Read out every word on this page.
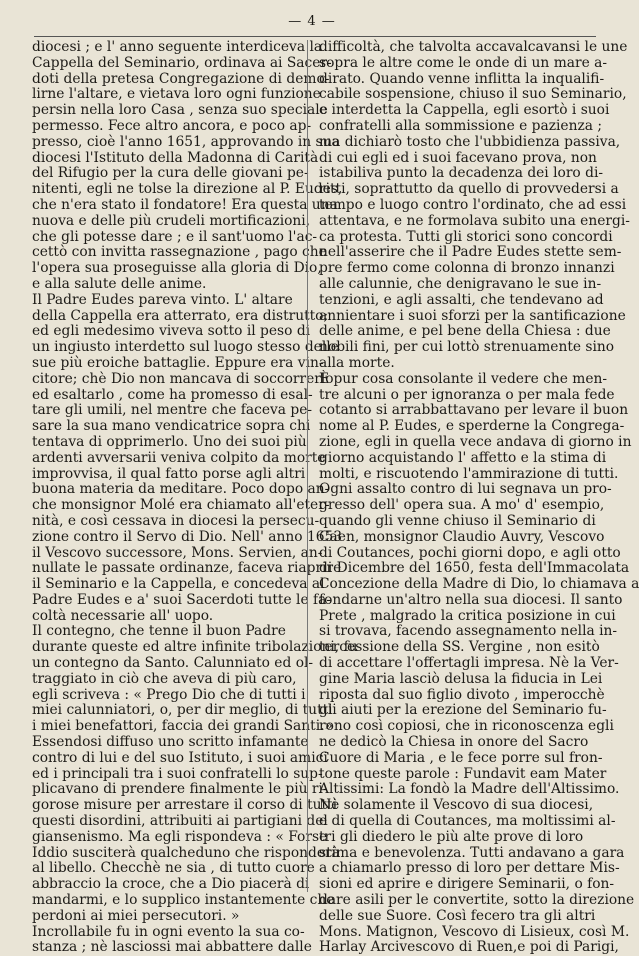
— 4 —
diocesi ; e l' anno seguente interdiceva la
Cappella del Seminario, ordinava ai Sacer-
doti della pretesa Congregazione di demo-
lirne l'altare, e vietava loro ogni funzione
persin nella loro Casa , senza suo speciale
permesso. Fece altro ancora, e poco ap-
presso, cioè l'anno 1651, approvando in sua
diocesi l'Istituto della Madonna di Carità
del Rifugio per la cura delle giovani pe-
nitenti, egli ne tolse la direzione al P. Eudes,
che n'era stato il fondatore! Era questa una
nuova e delle più crudeli mortificazioni,
che gli potesse dare ; e il sant'uomo l'ac-
cettò con invitta rassegnazione , pago che
l'opera sua proseguisse alla gloria di Dio,
e alla salute delle anime.
Il Padre Eudes pareva vinto. L' altare
della Cappella era atterrato, era distrutto;
ed egli medesimo viveva sotto il peso di
un ingiusto interdetto sul luogo stesso delle
sue più eroiche battaglie. Eppure era vin-
citore; chè Dio non mancava di soccorrerlo
ed esaltarlo , come ha promesso di esal-
tare gli umili, nel mentre che faceva pe-
sare la sua mano vendicatrice sopra chi
tentava di opprimerlo. Uno dei suoi più
ardenti avversarii veniva colpito da morte
improvvisa, il qual fatto porse agli altri
buona materia da meditare. Poco dopo an-
che monsignor Molé era chiamato all'eter-
nità, e così cessava in diocesi la persecu-
zione contro il Servo di Dio. Nell' anno 1653
il Vescovo successore, Mons. Servien, an-
nullate le passate ordinanze, faceva riaprire
il Seminario e la Cappella, e concedeva al
Padre Eudes e a' suoi Sacerdoti tutte le fa-
coltà necessarie all' uopo.
Il contegno, che tenne il buon Padre
durante queste ed altre infinite tribolazioni, fu
un contegno da Santo. Calunniato ed ol-
traggiato in ciò che aveva di più caro,
egli scriveva : « Prego Dio che di tutti i
miei calunniatori, o, per dir meglio, di tutti
i miei benefattori, faccia dei grandi Santi.»
Essendosi diffuso uno scritto infamante
contro di lui e del suo Istituto, i suoi amici
ed i principali tra i suoi confratelli lo sup-
plicavano di prendere finalmente le più ri-
gorose misure per arrestare il corso di tutti
questi disordini, attribuiti ai partigiani del
giansenismo. Ma egli rispondeva : « Forse
Iddio susciterà qualcheduno che risponderà
al libello. Checchè ne sia , di tutto cuore
abbraccio la croce, che a Dio piacerà di
mandarmi, e lo supplico instantemente che
perdoni ai miei persecutori. »
Incrollabile fu in ogni evento la sua co-
stanza ; nè lasciossi mai abbattere dalle
difficoltà, che talvolta accavalcavansi le une
sopra le altre come le onde di un mare a-
dirato. Quando venne inflitta la inqualifi-
cabile sospensione, chiuso il suo Seminario,
e interdetta la Cappella, egli esortò i suoi
confratelli alla sommissione e pazienza ;
ma dichiarò tosto che l'ubbidienza passiva,
di cui egli ed i suoi facevano prova, non
istabiliva punto la decadenza dei loro di-
ritti, soprattutto da quello di provvedersi a
tempo e luogo contro l'ordinato, che ad essi
attentava, e ne formolava subito una energi-
ca protesta. Tutti gli storici sono concordi
nell'asserire che il Padre Eudes stette sem-
pre fermo come colonna di bronzo innanzi
alle calunnie, che denigravano le sue in-
tenzioni, e agli assalti, che tendevano ad
annientare i suoi sforzi per la santificazione
delle anime, e pel bene della Chiesa : due
nobili fini, per cui lottò strenuamente sino
alla morte.
È pur cosa consolante il vedere che men-
tre alcuni o per ignoranza o per mala fede
cotanto si arrabbattavano per levare il buon
nome al P. Eudes, e sperderne la Congrega-
zione, egli in quella vece andava di giorno in
giorno acquistando l' affetto e la stima di
molti, e riscuotendo l'ammirazione di tutti.
Ogni assalto contro di lui segnava un pro-
gresso dell' opera sua. A mo' d' esempio,
quando gli venne chiuso il Seminario di
Caen, monsignor Claudio Auvry, Vescovo
di Coutances, pochi giorni dopo, e agli otto
di Dicembre del 1650, festa dell'Immacolata
Concezione della Madre di Dio, lo chiamava a
fondarne un'altro nella sua diocesi. Il santo
Prete , malgrado la critica posizione in cui
si trovava, facendo assegnamento nella in-
tercessione della SS. Vergine , non esitò
di accettare l'offertagli impresa. Nè la Ver-
gine Maria lasciò delusa la fiducia in Lei
riposta dal suo figlio divoto , imperocchè
gli aiuti per la erezione del Seminario fu-
rono così copiosi, che in riconoscenza egli
ne dedicò la Chiesa in onore del Sacro
Cuore di Maria , e le fece porre sul fron-
tone queste parole : Fundavit eam Mater
Altissimi: La fondò la Madre dell'Altissimo.
Nè solamente il Vescovo di sua diocesi,
e di quella di Coutances, ma moltissimi al-
tri gli diedero le più alte prove di loro
stima e benevolenza. Tutti andavano a gara
a chiamarlo presso di loro per dettare Mis-
sioni ed aprire e dirigere Seminarii, o fon-
dare asili per le convertite, sotto la direzione
delle sue Suore. Così fecero tra gli altri
Mons. Matignon, Vescovo di Lisieux, così M.
Harlay Arcivescovo di Ruen,e poi di Parigi,
